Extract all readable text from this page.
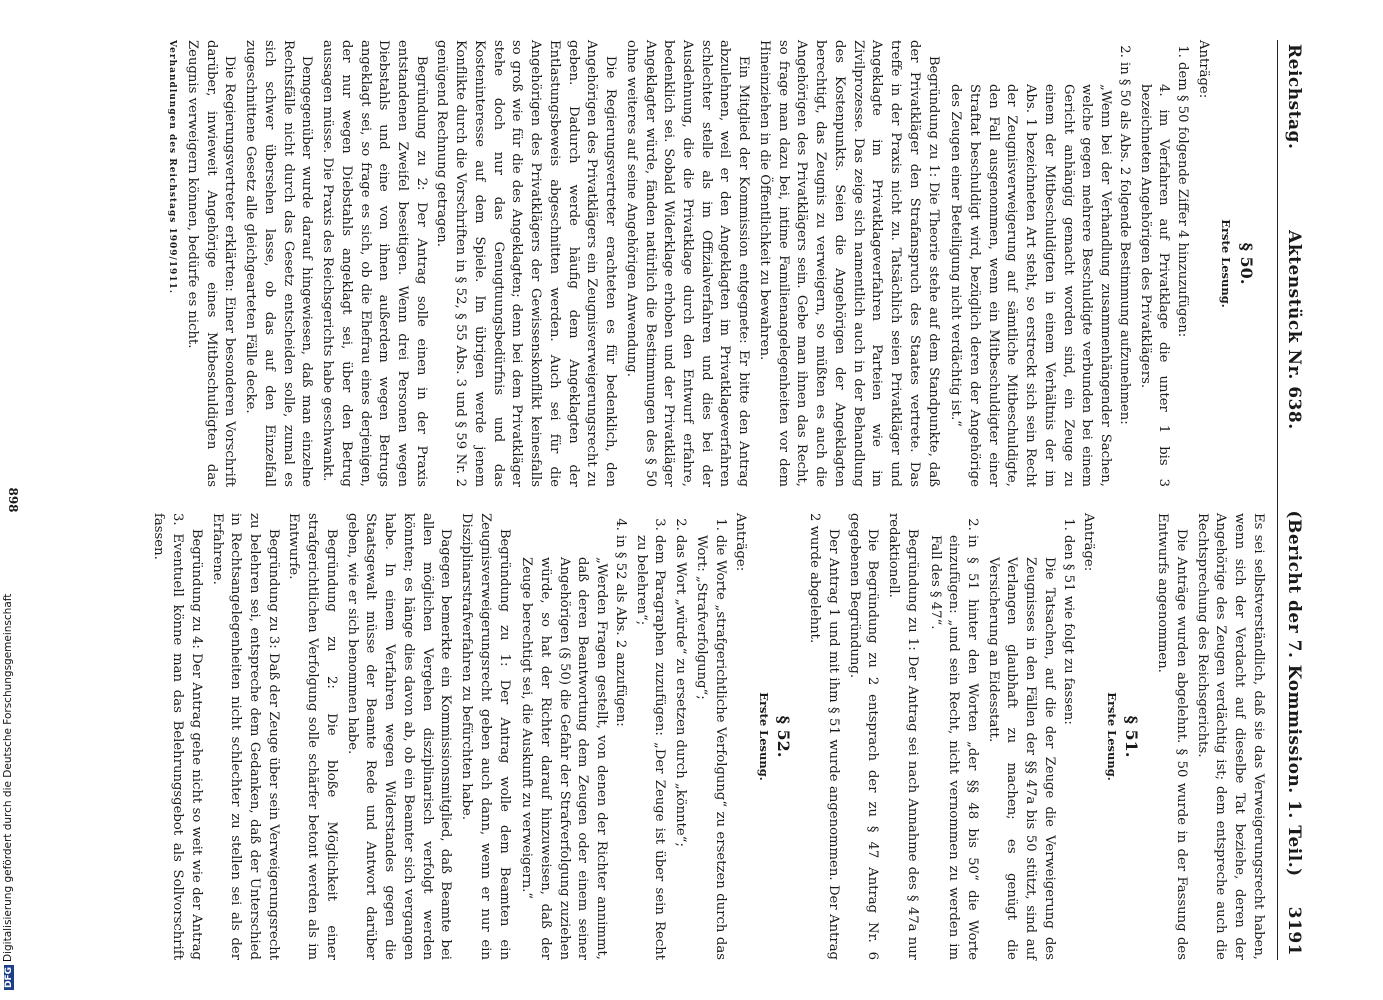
Reichstag.
Aktenstück Nr. 638.
(Bericht der 7. Kommission. 1. Teil.)
3191
§ 50.
Erste Lesung.

Anträge:

1. dem § 50 folgende Ziffer 4 hinzuzufügen:
4. im Verfahren auf Privatklage die unter 1 bis 3 bezeichneten Angehörigen des Privatklägers.
2. in § 50 als Abs. 2 folgende Bestimmung aufzunehmen:
„Wenn bei der Verhandlung zusammenhängender Sachen, welche gegen mehrere Beschuldigte verbunden bei einem Gericht anhängig gemacht worden sind, ein Zeuge zu einem der Mitbeschuldigten in einem Verhältnis der im Abs. 1 bezeichneten Art steht, so erstreckt sich sein Recht der Zeugnisverweigerung auf sämtliche Mitbeschuldigte, den Fall ausgenommen, wenn ein Mitbeschuldigter einer Straftat beschuldigt wird, bezüglich deren der Angehörige des Zeugen einer Beteiligung nicht verdächtig ist.“

Begründung zu 1: Die Theorie stehe auf dem Standpunkte, daß der Privatkläger den Strafanspruch des Staates vertrete. Das treffe in der Praxis nicht zu. Tatsächlich seien Privatkläger und Angeklagte im Privatklageverfahren Parteien wie im Zivilprozesse. Das zeige sich namentlich auch in der Behandlung des Kostenpunkts. Seien die Angehörigen der Angeklagten berechtigt, das Zeugnis zu verweigern, so müßten es auch die Angehörigen des Privatklägers sein. Gebe man ihnen das Recht, so frage man dazu bei, intime Familienangelegenheiten vor dem Hineinziehen in die Öffentlichkeit zu bewahren.

Ein Mitglied der Kommission entgegnete: Er bitte den Antrag abzulehnen, weil er den Angeklagten im Privatklageverfahren schlechter stelle als im Offizialverfahren und dies bei der Ausdehnung, die die Privatklage durch den Entwurf erfahre, bedenklich sei. Sobald Widerklage erhoben und der Privatkläger Angeklagter würde, fänden natürlich die Bestimmungen des § 50 ohne weiteres auf seine Angehörigen Anwendung.

Die Regierungsvertreter erachteten es für bedenklich, den Angehörigen des Privatklägers ein Zeugnisverweigerungsrecht zu geben. Dadurch werde häufig dem Angeklagten der Entlastungsbeweis abgeschnitten werden. Auch sei für die Angehörigen des Privatklägers der Gewissenskonflikt keinesfalls so groß wie für die des Angeklagten; denn bei dem Privatkläger stehe doch nur das Genugtuungsbedürfnis und das Kosteninteresse auf dem Spiele. Im übrigen werde jenem Konflikte durch die Vorschriften in § 52, § 55 Abs. 3 und § 59 Nr. 2 genügend Rechnung getragen.

Begründung zu 2: Der Antrag solle einen in der Praxis entstandenen Zweifel beseitigen. Wenn drei Personen wegen Diebstahls und eine von ihnen außerdem wegen Betrugs angeklagt sei, so frage es sich, ob die Ehefrau eines derjenigen, der nur wegen Diebstahls angeklagt sei, über den Betrug aussagen müsse. Die Praxis des Reichsgerichts habe geschwankt.

Demgegenüber wurde darauf hingewiesen, daß man einzelne Rechtsfälle nicht durch das Gesetz entscheiden solle, zumal es sich schwer übersehen lasse, ob das auf den Einzelfall zugeschnittene Gesetz alle gleichgearteten Fälle decke.

Die Regierungsvertreter erklärten: Einer besonderen Vorschrift darüber, inwieweit Angehörige eines Mitbeschuldigten das Zeugnis verweigern können, bedürfe es nicht.

Verhandlungen des Reichstags 1909/1911.

Es sei selbstverständlich, daß sie das Verweigerungsrecht haben, wenn sich der Verdacht auf dieselbe Tat beziehe, deren der Angehörige des Zeugen verdächtig ist; dem entspreche auch die Rechtsprechung des Reichsgerichts.

Die Anträge wurden abgelehnt. § 50 wurde in der Fassung des Entwurfs angenommen.

§ 51.
Erste Lesung.

Anträge:

1. den § 51 wie folgt zu fassen:
Die Tatsachen, auf die der Zeuge die Verweigerung des Zeugnisses in den Fällen der §§ 47a bis 50 stützt, sind auf Verlangen glaubhaft zu machen; es genügt die Versicherung an Eidesstatt.
2. in § 51 hinter den Worten „der §§ 48 bis 50“ die Worte einzufügen: „und sein Recht, nicht vernommen zu werden im Fall des § 47“.

Begründung zu 1: Der Antrag sei nach Annahme des § 47a nur redaktionell.

Die Begründung zu 2 entsprach der zu § 47 Antrag Nr. 6 gegebenen Begründung.

Der Antrag 1 und mit ihm § 51 wurde angenommen. Der Antrag 2 wurde abgelehnt.

§ 52.
Erste Lesung.

Anträge:

1. die Worte „strafgerichtliche Verfolgung“ zu ersetzen durch das Wort: „Strafverfolgung“;
2. das Wort „würde“ zu ersetzen durch „könnte“;
3. dem Paragraphen zuzufügen: „Der Zeuge ist über sein Recht zu belehren“;
4. in § 52 als Abs. 2 anzufügen:
„Werden Fragen gestellt, von denen der Richter annimmt, daß deren Beantwortung dem Zeugen oder einem seiner Angehörigen (§ 50) die Gefahr der Strafverfolgung zuziehen würde, so hat der Richter darauf hinzuweisen, daß der Zeuge berechtigt sei, die Auskunft zu verweigern.“

Begründung zu 1: Der Antrag wolle dem Beamten ein Zeugnisverweigerungsrecht geben auch dann, wenn er nur ein Disziplinarstrafverfahren zu befürchten habe.

Dagegen bemerkte ein Kommissionsmitglied, daß Beamte bei allen möglichen Vergehen disziplinarisch verfolgt werden könnten; es hänge dies davon ab, ob ein Beamter sich vergangen habe. In einem Verfahren wegen Widerstandes gegen die Staatsgewalt müsse der Beamte Rede und Antwort darüber geben, wie er sich benommen habe.

Begründung zu 2: Die bloße Möglichkeit einer strafgerichtlichen Verfolgung solle schärfer betont werden als im Entwurfe.

Begründung zu 3: Daß der Zeuge über sein Verweigerungsrecht zu belehren sei, entspreche dem Gedanken, daß der Unterschied in Rechtsangelegenheiten nicht schlechter zu stellen sei als der Erfahrene.

Begründung zu 4: Der Antrag gehe nicht so weit wie der Antrag 3. Eventuell könne man das Belehrungsgebot als Sollvorschrift fassen.

898
DFGDigitalisierung gefördert durch die Deutsche Forschungsgemeinschaft
